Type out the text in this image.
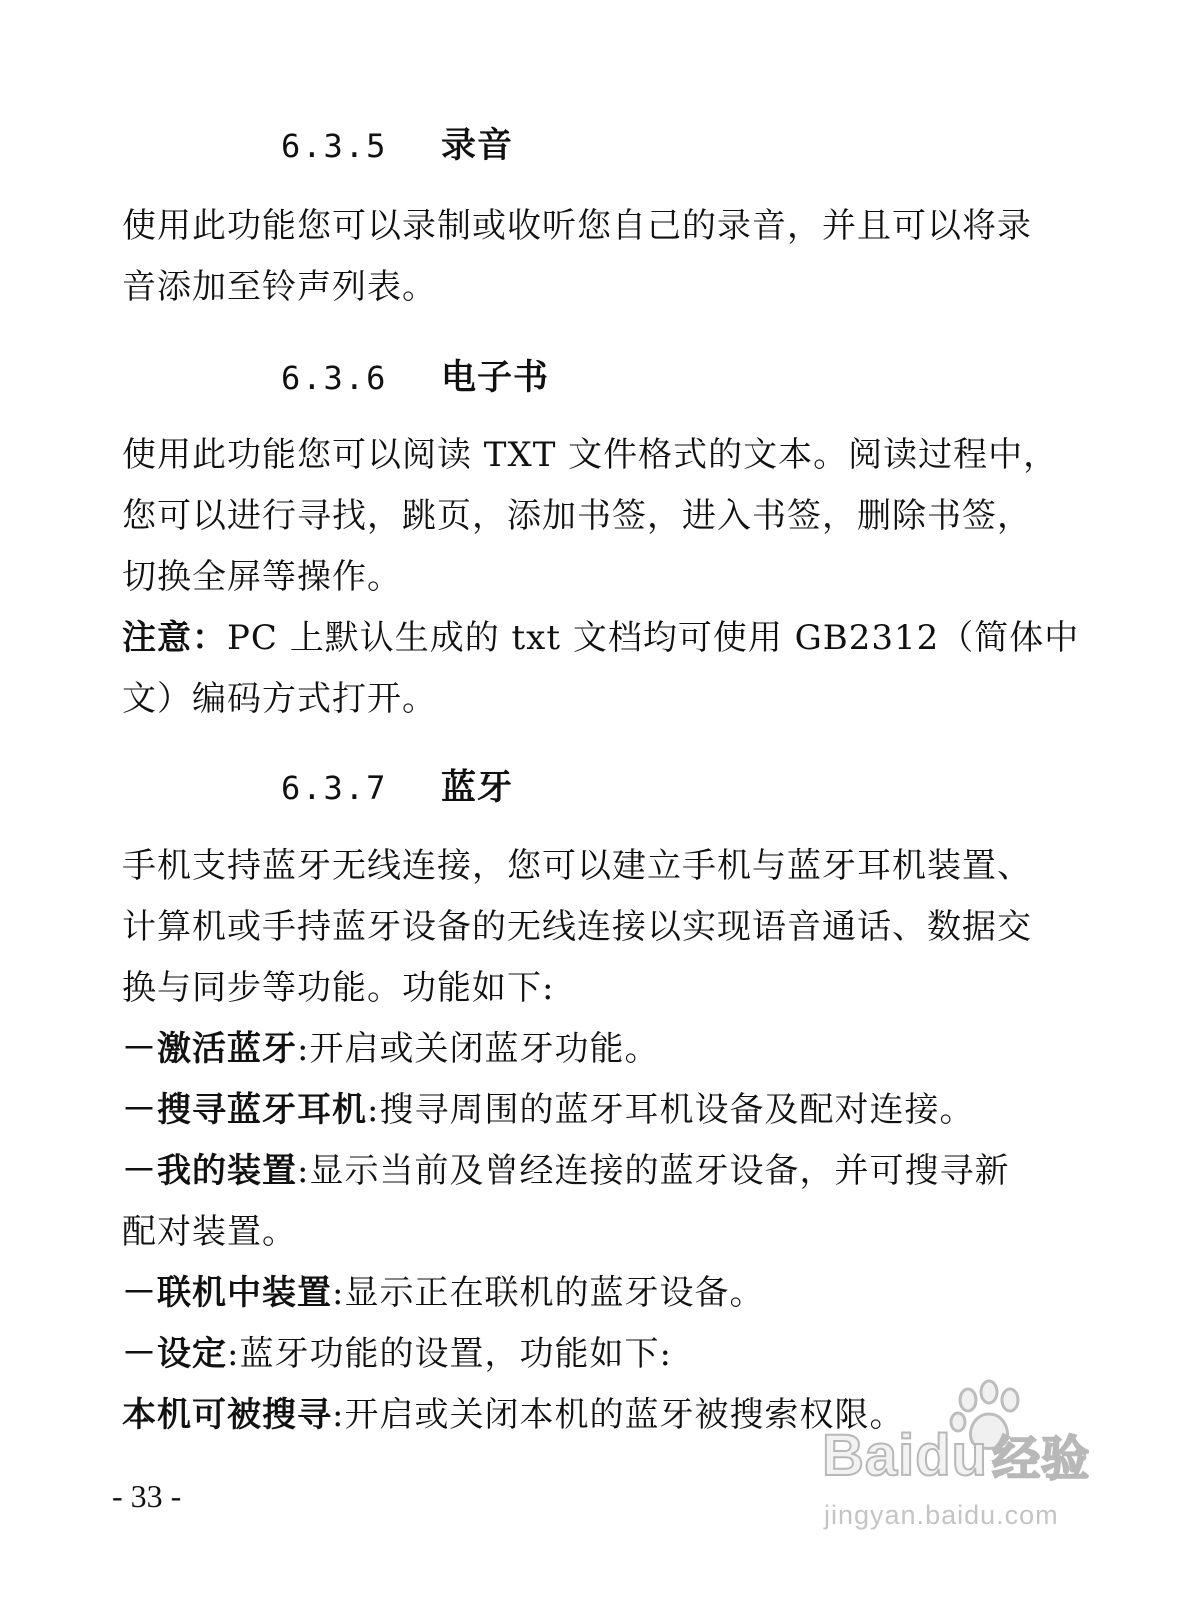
6.3.5 录音
使用此功能您可以录制或收听您自己的录音，并且可以将录
音添加至铃声列表。
6.3.6 电子书
使用此功能您可以阅读 TXT 文件格式的文本。阅读过程中，
您可以进行寻找，跳页，添加书签，进入书签，删除书签，
切换全屏等操作。
注意：PC 上默认生成的 txt 文档均可使用 GB2312（简体中
文）编码方式打开。
6.3.7 蓝牙
手机支持蓝牙无线连接，您可以建立手机与蓝牙耳机装置、
计算机或手持蓝牙设备的无线连接以实现语音通话、数据交
换与同步等功能。功能如下:
－激活蓝牙:开启或关闭蓝牙功能。
－搜寻蓝牙耳机:搜寻周围的蓝牙耳机设备及配对连接。
－我的装置:显示当前及曾经连接的蓝牙设备，并可搜寻新
配对装置。
－联机中装置:显示正在联机的蓝牙设备。
－设定:蓝牙功能的设置，功能如下:
本机可被搜寻:开启或关闭本机的蓝牙被搜索权限。
- 33 -
Baidu经验
jingyan.baidu.com
